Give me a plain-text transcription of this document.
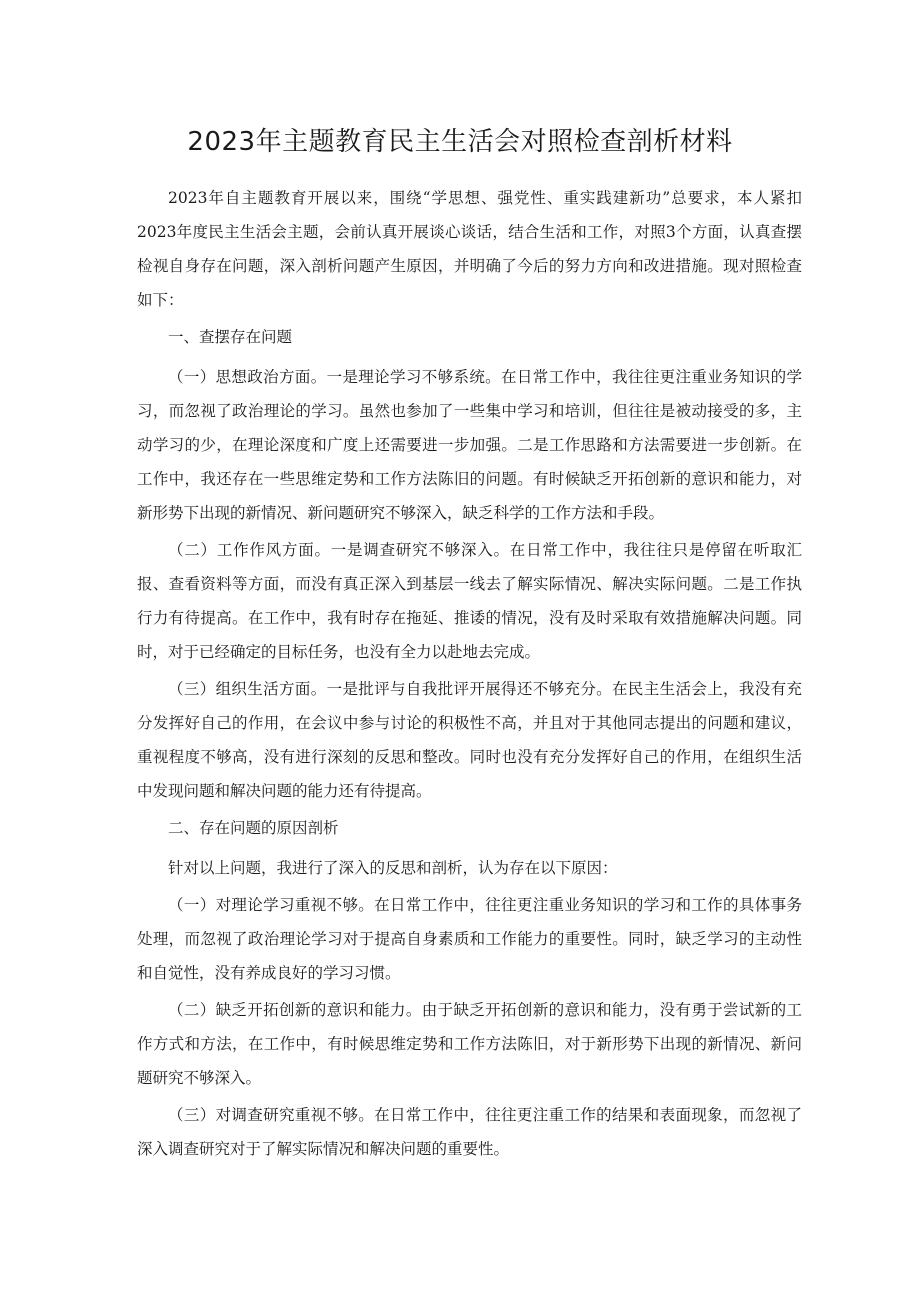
2023年主题教育民主生活会对照检查剖析材料

2023年自主题教育开展以来，围绕“学思想、强党性、重实践建新功”总要求，本人紧扣2023年度民主生活会主题，会前认真开展谈心谈话，结合生活和工作，对照3个方面，认真查摆检视自身存在问题，深入剖析问题产生原因，并明确了今后的努力方向和改进措施。现对照检查如下：

一、查摆存在问题

（一）思想政治方面。一是理论学习不够系统。在日常工作中，我往往更注重业务知识的学习，而忽视了政治理论的学习。虽然也参加了一些集中学习和培训，但往往是被动接受的多，主动学习的少，在理论深度和广度上还需要进一步加强。二是工作思路和方法需要进一步创新。在工作中，我还存在一些思维定势和工作方法陈旧的问题。有时候缺乏开拓创新的意识和能力，对新形势下出现的新情况、新问题研究不够深入，缺乏科学的工作方法和手段。

（二）工作作风方面。一是调查研究不够深入。在日常工作中，我往往只是停留在听取汇报、查看资料等方面，而没有真正深入到基层一线去了解实际情况、解决实际问题。二是工作执行力有待提高。在工作中，我有时存在拖延、推诿的情况，没有及时采取有效措施解决问题。同时，对于已经确定的目标任务，也没有全力以赴地去完成。

（三）组织生活方面。一是批评与自我批评开展得还不够充分。在民主生活会上，我没有充分发挥好自己的作用，在会议中参与讨论的积极性不高，并且对于其他同志提出的问题和建议，重视程度不够高，没有进行深刻的反思和整改。同时也没有充分发挥好自己的作用，在组织生活中发现问题和解决问题的能力还有待提高。

二、存在问题的原因剖析

针对以上问题，我进行了深入的反思和剖析，认为存在以下原因：

（一）对理论学习重视不够。在日常工作中，往往更注重业务知识的学习和工作的具体事务处理，而忽视了政治理论学习对于提高自身素质和工作能力的重要性。同时，缺乏学习的主动性和自觉性，没有养成良好的学习习惯。

（二）缺乏开拓创新的意识和能力。由于缺乏开拓创新的意识和能力，没有勇于尝试新的工作方式和方法，在工作中，有时候思维定势和工作方法陈旧，对于新形势下出现的新情况、新问题研究不够深入。

（三）对调查研究重视不够。在日常工作中，往往更注重工作的结果和表面现象，而忽视了深入调查研究对于了解实际情况和解决问题的重要性。
